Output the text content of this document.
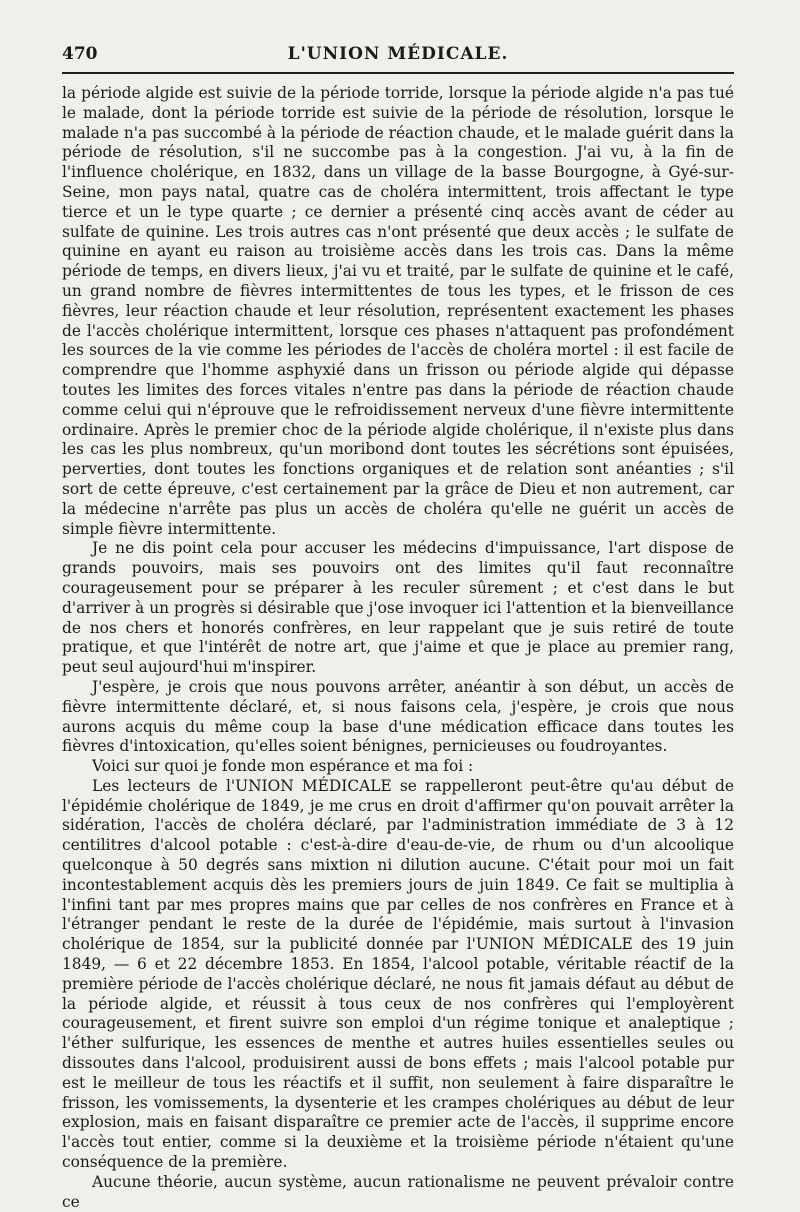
470	L'UNION MÉDICALE.

la période algide est suivie de la période torride, lorsque la période algide n'a pas tué le malade, dont la période torride est suivie de la période de résolution, lorsque le malade n'a pas succombé à la période de réaction chaude, et le malade guérit dans la période de résolution, s'il ne succombe pas à la congestion. J'ai vu, à la fin de l'influence cholérique, en 1832, dans un village de la basse Bourgogne, à Gyé-sur-Seine, mon pays natal, quatre cas de choléra intermittent, trois affectant le type tierce et un le type quarte ; ce dernier a présenté cinq accès avant de céder au sulfate de quinine. Les trois autres cas n'ont présenté que deux accès ; le sulfate de quinine en ayant eu raison au troisième accès dans les trois cas. Dans la même période de temps, en divers lieux, j'ai vu et traité, par le sulfate de quinine et le café, un grand nombre de fièvres intermittentes de tous les types, et le frisson de ces fièvres, leur réaction chaude et leur résolution, représentent exactement les phases de l'accès cholérique intermittent, lorsque ces phases n'attaquent pas profondément les sources de la vie comme les périodes de l'accès de choléra mortel : il est facile de comprendre que l'homme asphyxié dans un frisson ou période algide qui dépasse toutes les limites des forces vitales n'entre pas dans la période de réaction chaude comme celui qui n'éprouve que le refroidissement nerveux d'une fièvre intermittente ordinaire. Après le premier choc de la période algide cholérique, il n'existe plus dans les cas les plus nombreux, qu'un moribond dont toutes les sécrétions sont épuisées, perverties, dont toutes les fonctions organiques et de relation sont anéanties ; s'il sort de cette épreuve, c'est certainement par la grâce de Dieu et non autrement, car la médecine n'arrête pas plus un accès de choléra qu'elle ne guérit un accès de simple fièvre intermittente.

Je ne dis point cela pour accuser les médecins d'impuissance, l'art dispose de grands pouvoirs, mais ses pouvoirs ont des limites qu'il faut reconnaître courageusement pour se préparer à les reculer sûrement ; et c'est dans le but d'arriver à un progrès si désirable que j'ose invoquer ici l'attention et la bienveillance de nos chers et honorés confrères, en leur rappelant que je suis retiré de toute pratique, et que l'intérêt de notre art, que j'aime et que je place au premier rang, peut seul aujourd'hui m'inspirer.

J'espère, je crois que nous pouvons arrêter, anéantir à son début, un accès de fièvre intermittente déclaré, et, si nous faisons cela, j'espère, je crois que nous aurons acquis du même coup la base d'une médication efficace dans toutes les fièvres d'intoxication, qu'elles soient bénignes, pernicieuses ou foudroyantes.

Voici sur quoi je fonde mon espérance et ma foi :

Les lecteurs de l'UNION MÉDICALE se rappelleront peut-être qu'au début de l'épidémie cholérique de 1849, je me crus en droit d'affirmer qu'on pouvait arrêter la sidération, l'accès de choléra déclaré, par l'administration immédiate de 3 à 12 centilitres d'alcool potable : c'est-à-dire d'eau-de-vie, de rhum ou d'un alcoolique quelconque à 50 degrés sans mixtion ni dilution aucune. C'était pour moi un fait incontestablement acquis dès les premiers jours de juin 1849. Ce fait se multiplia à l'infini tant par mes propres mains que par celles de nos confrères en France et à l'étranger pendant le reste de la durée de l'épidémie, mais surtout à l'invasion cholérique de 1854, sur la publicité donnée par l'UNION MÉDICALE des 19 juin 1849, — 6 et 22 décembre 1853. En 1854, l'alcool potable, véritable réactif de la première période de l'accès cholérique déclaré, ne nous fit jamais défaut au début de la période algide, et réussit à tous ceux de nos confrères qui l'employèrent courageusement, et firent suivre son emploi d'un régime tonique et analeptique ; l'éther sulfurique, les essences de menthe et autres huiles essentielles seules ou dissoutes dans l'alcool, produisirent aussi de bons effets ; mais l'alcool potable pur est le meilleur de tous les réactifs et il suffit, non seulement à faire disparaître le frisson, les vomissements, la dysenterie et les crampes cholériques au début de leur explosion, mais en faisant disparaître ce premier acte de l'accès, il supprime encore l'accès tout entier, comme si la deuxième et la troisième période n'étaient qu'une conséquence de la première.

Aucune théorie, aucun système, aucun rationalisme ne peuvent prévaloir contre ce
